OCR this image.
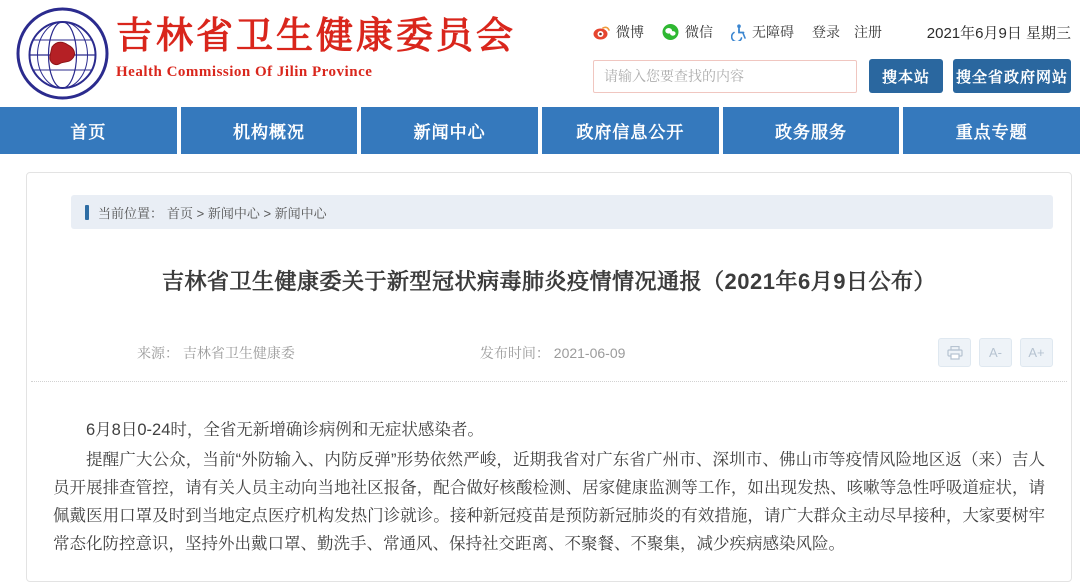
吉林省卫生健康委员会
Health Commission Of Jilin Province
微博	微信	无障碍 登录 注册	2021年6月9日 星期三
请输入您要查找的内容
搜本站	搜全省政府网站
首页	机构概况	新闻中心	政府信息公开	政务服务	重点专题
当前位置： 首页 > 新闻中心 > 新闻中心
吉林省卫生健康委关于新型冠状病毒肺炎疫情情况通报（2021年6月9日公布）
来源： 吉林省卫生健康委	发布时间： 2021-06-09	A-	A+

6月8日0-24时，全省无新增确诊病例和无症状感染者。

提醒广大公众，当前“外防输入、内防反弹”形势依然严峻，近期我省对广东省广州市、深圳市、佛山市等疫情风险地区返（来）吉人员开展排查管控，请有关人员主动向当地社区报备，配合做好核酸检测、居家健康监测等工作，如出现发热、咳嗽等急性呼吸道症状，请佩戴医用口罩及时到当地定点医疗机构发热门诊就诊。接种新冠疫苗是预防新冠肺炎的有效措施，请广大群众主动尽早接种，大家要树牢常态化防控意识，坚持外出戴口罩、勤洗手、常通风、保持社交距离、不聚餐、不聚集，减少疾病感染风险。
